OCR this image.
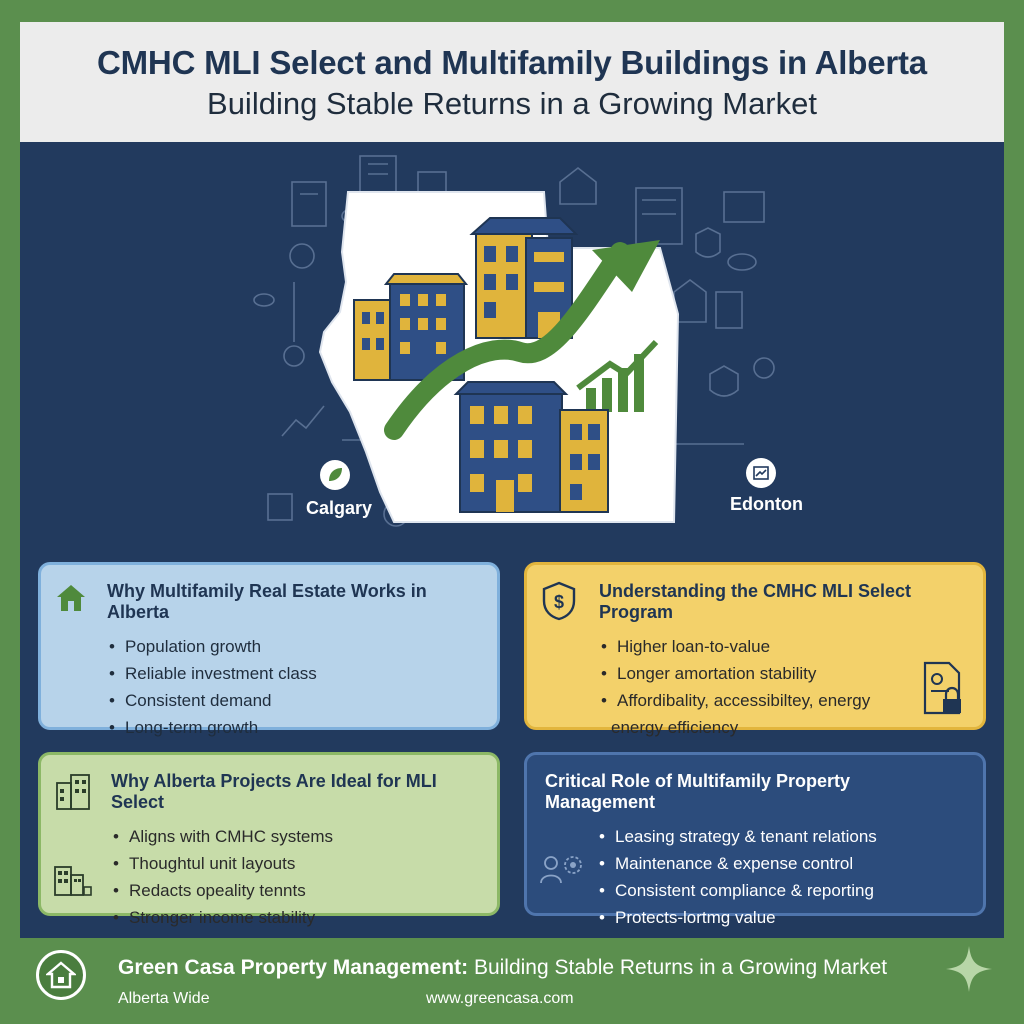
CMHC MLI Select and Multifamily Buildings in Alberta
Building Stable Returns in a Growing Market
Calgary	Edonton
Why Multifamily Real Estate Works in Alberta
• Population growth
• Reliable investment class
• Consistent demand
• Long-term growth
$
Understanding the CMHC MLI Select Program
• Higher loan-to-value
• Longer amortation stability
• Affordibality, accessibiltey, energy
energy efficiency
Why Alberta Projects Are Ideal for MLI Select
• Aligns with CMHC systems
• Thoughtul unit layouts
• Redacts opeality tennts
• Stronger income stability
Critical Role of Multifamily Property Management
• Leasing strategy & tenant relations
• Maintenance & expense control
• Consistent compliance & reporting
• Protects-lortmg value
Green Casa Property Management: Building Stable Returns in a Growing Market
Alberta Wide	www.greencasa.com
